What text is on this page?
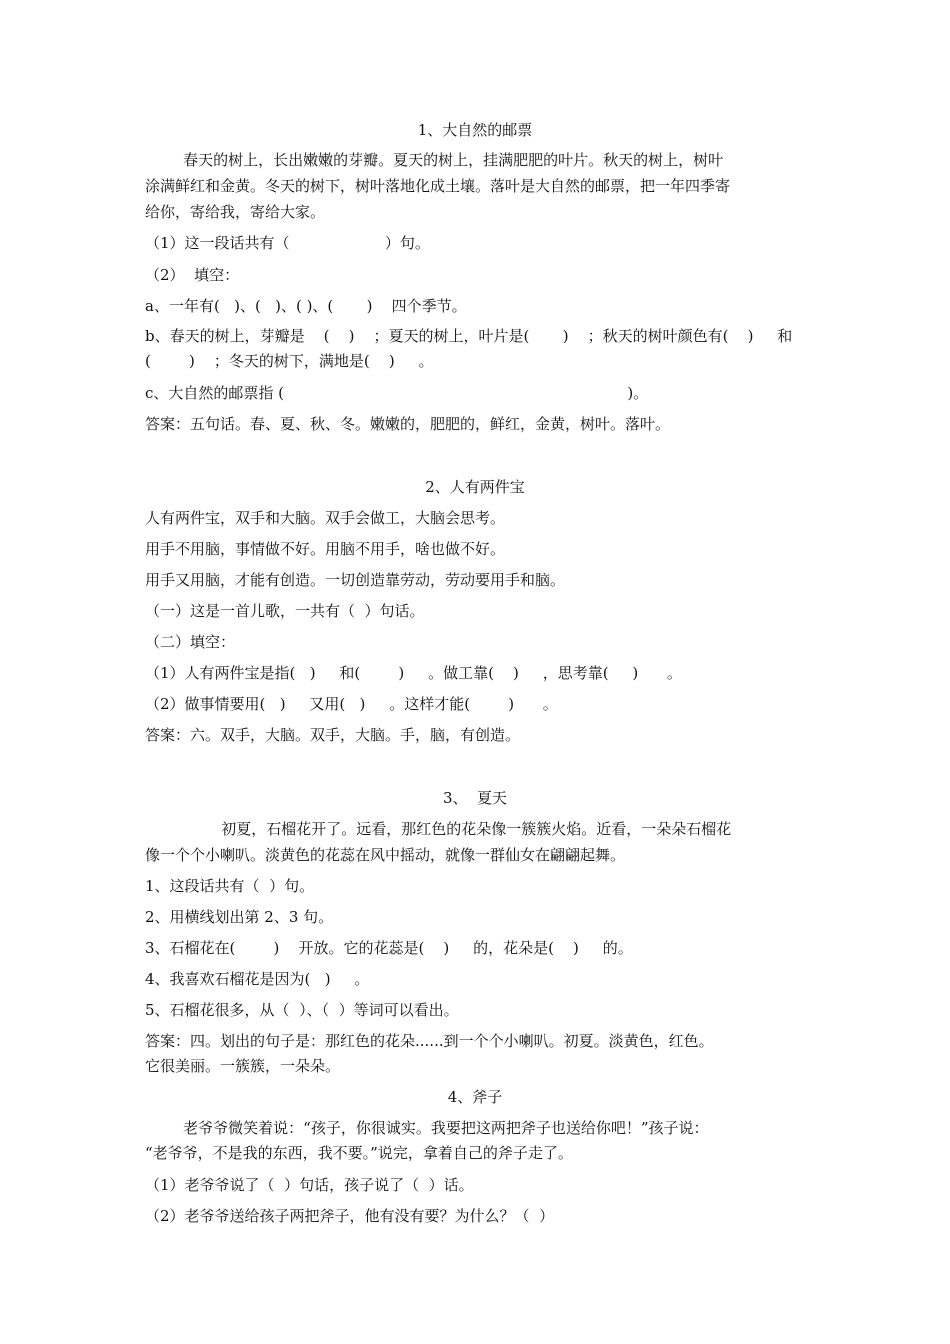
1、大自然的邮票
春天的树上，长出嫩嫩的芽瓣。夏天的树上，挂满肥肥的叶片。秋天的树上，树叶
涂满鲜红和金黄。冬天的树下，树叶落地化成土壤。落叶是大自然的邮票，把一年四季寄
给你，寄给我，寄给大家。
（1）这一段话共有（                    ）句。
（2）  填空：
a、一年有(   )、(   )、( )、(       )    四个季节。
b、春天的树上，芽瓣是    (    )    ；夏天的树上，叶片是(       )    ；秋天的树叶颜色有(    )     和
(        )    ；冬天的树下，满地是(    )     。
c、大自然的邮票指 (                                                                        )。
答案：五句话。春、夏、秋、冬。嫩嫩的，肥肥的，鲜红，金黄，树叶。落叶。
2、人有两件宝
人有两件宝，双手和大脑。双手会做工，大脑会思考。
用手不用脑，事情做不好。用脑不用手，啥也做不好。
用手又用脑，才能有创造。一切创造靠劳动，劳动要用手和脑。
（一）这是一首儿歌，一共有（  ）句话。
（二）填空：
（1）人有两件宝是指(   )     和(        )     。做工靠(    )     ，思考靠(     )      。
（2）做事情要用(   )     又用(   )     。这样才能(        )      。
答案：六。双手，大脑。双手，大脑。手，脑，有创造。
3、  夏天
初夏，石榴花开了。远看，那红色的花朵像一簇簇火焰。近看，一朵朵石榴花
像一个个小喇叭。淡黄色的花蕊在风中摇动，就像一群仙女在翩翩起舞。
1、这段话共有（  ）句。
2、用横线划出第 2、3 句。
3、石榴花在(        )    开放。它的花蕊是(    )     的，花朵是(    )     的。
4、我喜欢石榴花是因为(   )     。
5、石榴花很多，从（  ）、（  ）等词可以看出。
答案：四。划出的句子是：那红色的花朵......到一个个小喇叭。初夏。淡黄色，红色。
它很美丽。一簇簇，一朵朵。
4、斧子
老爷爷微笑着说：“孩子，你很诚实。我要把这两把斧子也送给你吧！”孩子说：
“老爷爷，不是我的东西，我不要。”说完，拿着自己的斧子走了。
（1）老爷爷说了（  ）句话，孩子说了（  ）话。
（2）老爷爷送给孩子两把斧子，他有没有要？为什么？（  ）
